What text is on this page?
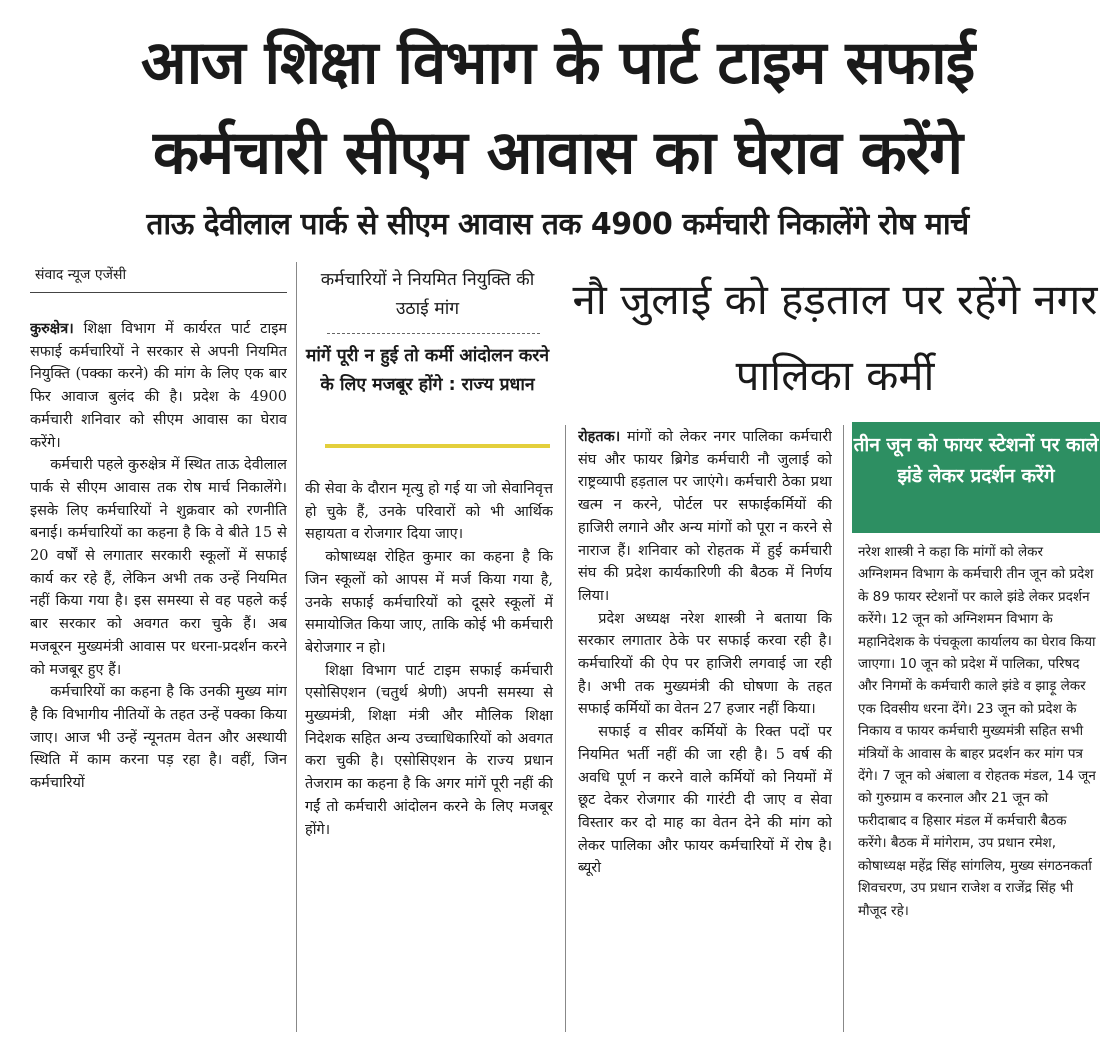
आज शिक्षा विभाग के पार्ट टाइम सफाई
कर्मचारी सीएम आवास का घेराव करेंगे
ताऊ देवीलाल पार्क से सीएम आवास तक 4900 कर्मचारी निकालेंगे रोष मार्च
संवाद न्यूज एजेंसी

कुरुक्षेत्र। शिक्षा विभाग में कार्यरत पार्ट टाइम सफाई कर्मचारियों ने सरकार से अपनी नियमित नियुक्ति (पक्का करने) की मांग के लिए एक बार फिर आवाज बुलंद की है। प्रदेश के 4900 कर्मचारी शनिवार को सीएम आवास का घेराव करेंगे।

कर्मचारी पहले कुरुक्षेत्र में स्थित ताऊ देवीलाल पार्क से सीएम आवास तक रोष मार्च निकालेंगे। इसके लिए कर्मचारियों ने शुक्रवार को रणनीति बनाई। कर्मचारियों का कहना है कि वे बीते 15 से 20 वर्षों से लगातार सरकारी स्कूलों में सफाई कार्य कर रहे हैं, लेकिन अभी तक उन्हें नियमित नहीं किया गया है। इस समस्या से वह पहले कई बार सरकार को अवगत करा चुके हैं। अब मजबूरन मुख्यमंत्री आवास पर धरना-प्रदर्शन करने को मजबूर हुए हैं।

कर्मचारियों का कहना है कि उनकी मुख्य मांग है कि विभागीय नीतियों के तहत उन्हें पक्का किया जाए। आज भी उन्हें न्यूनतम वेतन और अस्थायी स्थिति में काम करना पड़ रहा है। वहीं, जिन कर्मचारियों

कर्मचारियों ने नियमित नियुक्ति की उठाई मांग
मांगें पूरी न हुई तो कर्मी आंदोलन करने के लिए मजबूर होंगे : राज्य प्रधान

की सेवा के दौरान मृत्यु हो गई या जो सेवानिवृत्त हो चुके हैं, उनके परिवारों को भी आर्थिक सहायता व रोजगार दिया जाए।

कोषाध्यक्ष रोहित कुमार का कहना है कि जिन स्कूलों को आपस में मर्ज किया गया है, उनके सफाई कर्मचारियों को दूसरे स्कूलों में समायोजित किया जाए, ताकि कोई भी कर्मचारी बेरोजगार न हो।

शिक्षा विभाग पार्ट टाइम सफाई कर्मचारी एसोसिएशन (चतुर्थ श्रेणी) अपनी समस्या से मुख्यमंत्री, शिक्षा मंत्री और मौलिक शिक्षा निदेशक सहित अन्य उच्चाधिकारियों को अवगत करा चुकी है। एसोसिएशन के राज्य प्रधान तेजराम का कहना है कि अगर मांगें पूरी नहीं की गईं तो कर्मचारी आंदोलन करने के लिए मजबूर होंगे।

नौ जुलाई को हड़ताल पर रहेंगे नगर पालिका कर्मी

रोहतक। मांगों को लेकर नगर पालिका कर्मचारी संघ और फायर ब्रिगेड कर्मचारी नौ जुलाई को राष्ट्रव्यापी हड़ताल पर जाएंगे। कर्मचारी ठेका प्रथा खत्म न करने, पोर्टल पर सफाईकर्मियों की हाजिरी लगाने और अन्य मांगों को पूरा न करने से नाराज हैं। शनिवार को रोहतक में हुई कर्मचारी संघ की प्रदेश कार्यकारिणी की बैठक में निर्णय लिया।

प्रदेश अध्यक्ष नरेश शास्त्री ने बताया कि सरकार लगातार ठेके पर सफाई करवा रही है। कर्मचारियों की ऐप पर हाजिरी लगवाई जा रही है। अभी तक मुख्यमंत्री की घोषणा के तहत सफाई कर्मियों का वेतन 27 हजार नहीं किया।

सफाई व सीवर कर्मियों के रिक्त पदों पर नियमित भर्ती नहीं की जा रही है। 5 वर्ष की अवधि पूर्ण न करने वाले कर्मियों को नियमों में छूट देकर रोजगार की गारंटी दी जाए व सेवा विस्तार कर दो माह का वेतन देने की मांग को लेकर पालिका और फायर कर्मचारियों में रोष है। ब्यूरो

तीन जून को फायर स्टेशनों पर काले झंडे लेकर प्रदर्शन करेंगे
नरेश शास्त्री ने कहा कि मांगों को लेकर अग्निशमन विभाग के कर्मचारी तीन जून को प्रदेश के 89 फायर स्टेशनों पर काले झंडे लेकर प्रदर्शन करेंगे। 12 जून को अग्निशमन विभाग के महानिदेशक के पंचकूला कार्यालय का घेराव किया जाएगा। 10 जून को प्रदेश में पालिका, परिषद और निगमों के कर्मचारी काले झंडे व झाड़ू लेकर एक दिवसीय धरना देंगे। 23 जून को प्रदेश के निकाय व फायर कर्मचारी मुख्यमंत्री सहित सभी मंत्रियों के आवास के बाहर प्रदर्शन कर मांग पत्र देंगे। 7 जून को अंबाला व रोहतक मंडल, 14 जून को गुरुग्राम व करनाल और 21 जून को फरीदाबाद व हिसार मंडल में कर्मचारी बैठक करेंगे। बैठक में मांगेराम, उप प्रधान रमेश, कोषाध्यक्ष महेंद्र सिंह सांगलिय, मुख्य संगठनकर्ता शिवचरण, उप प्रधान राजेश व राजेंद्र सिंह भी मौजूद रहे।
